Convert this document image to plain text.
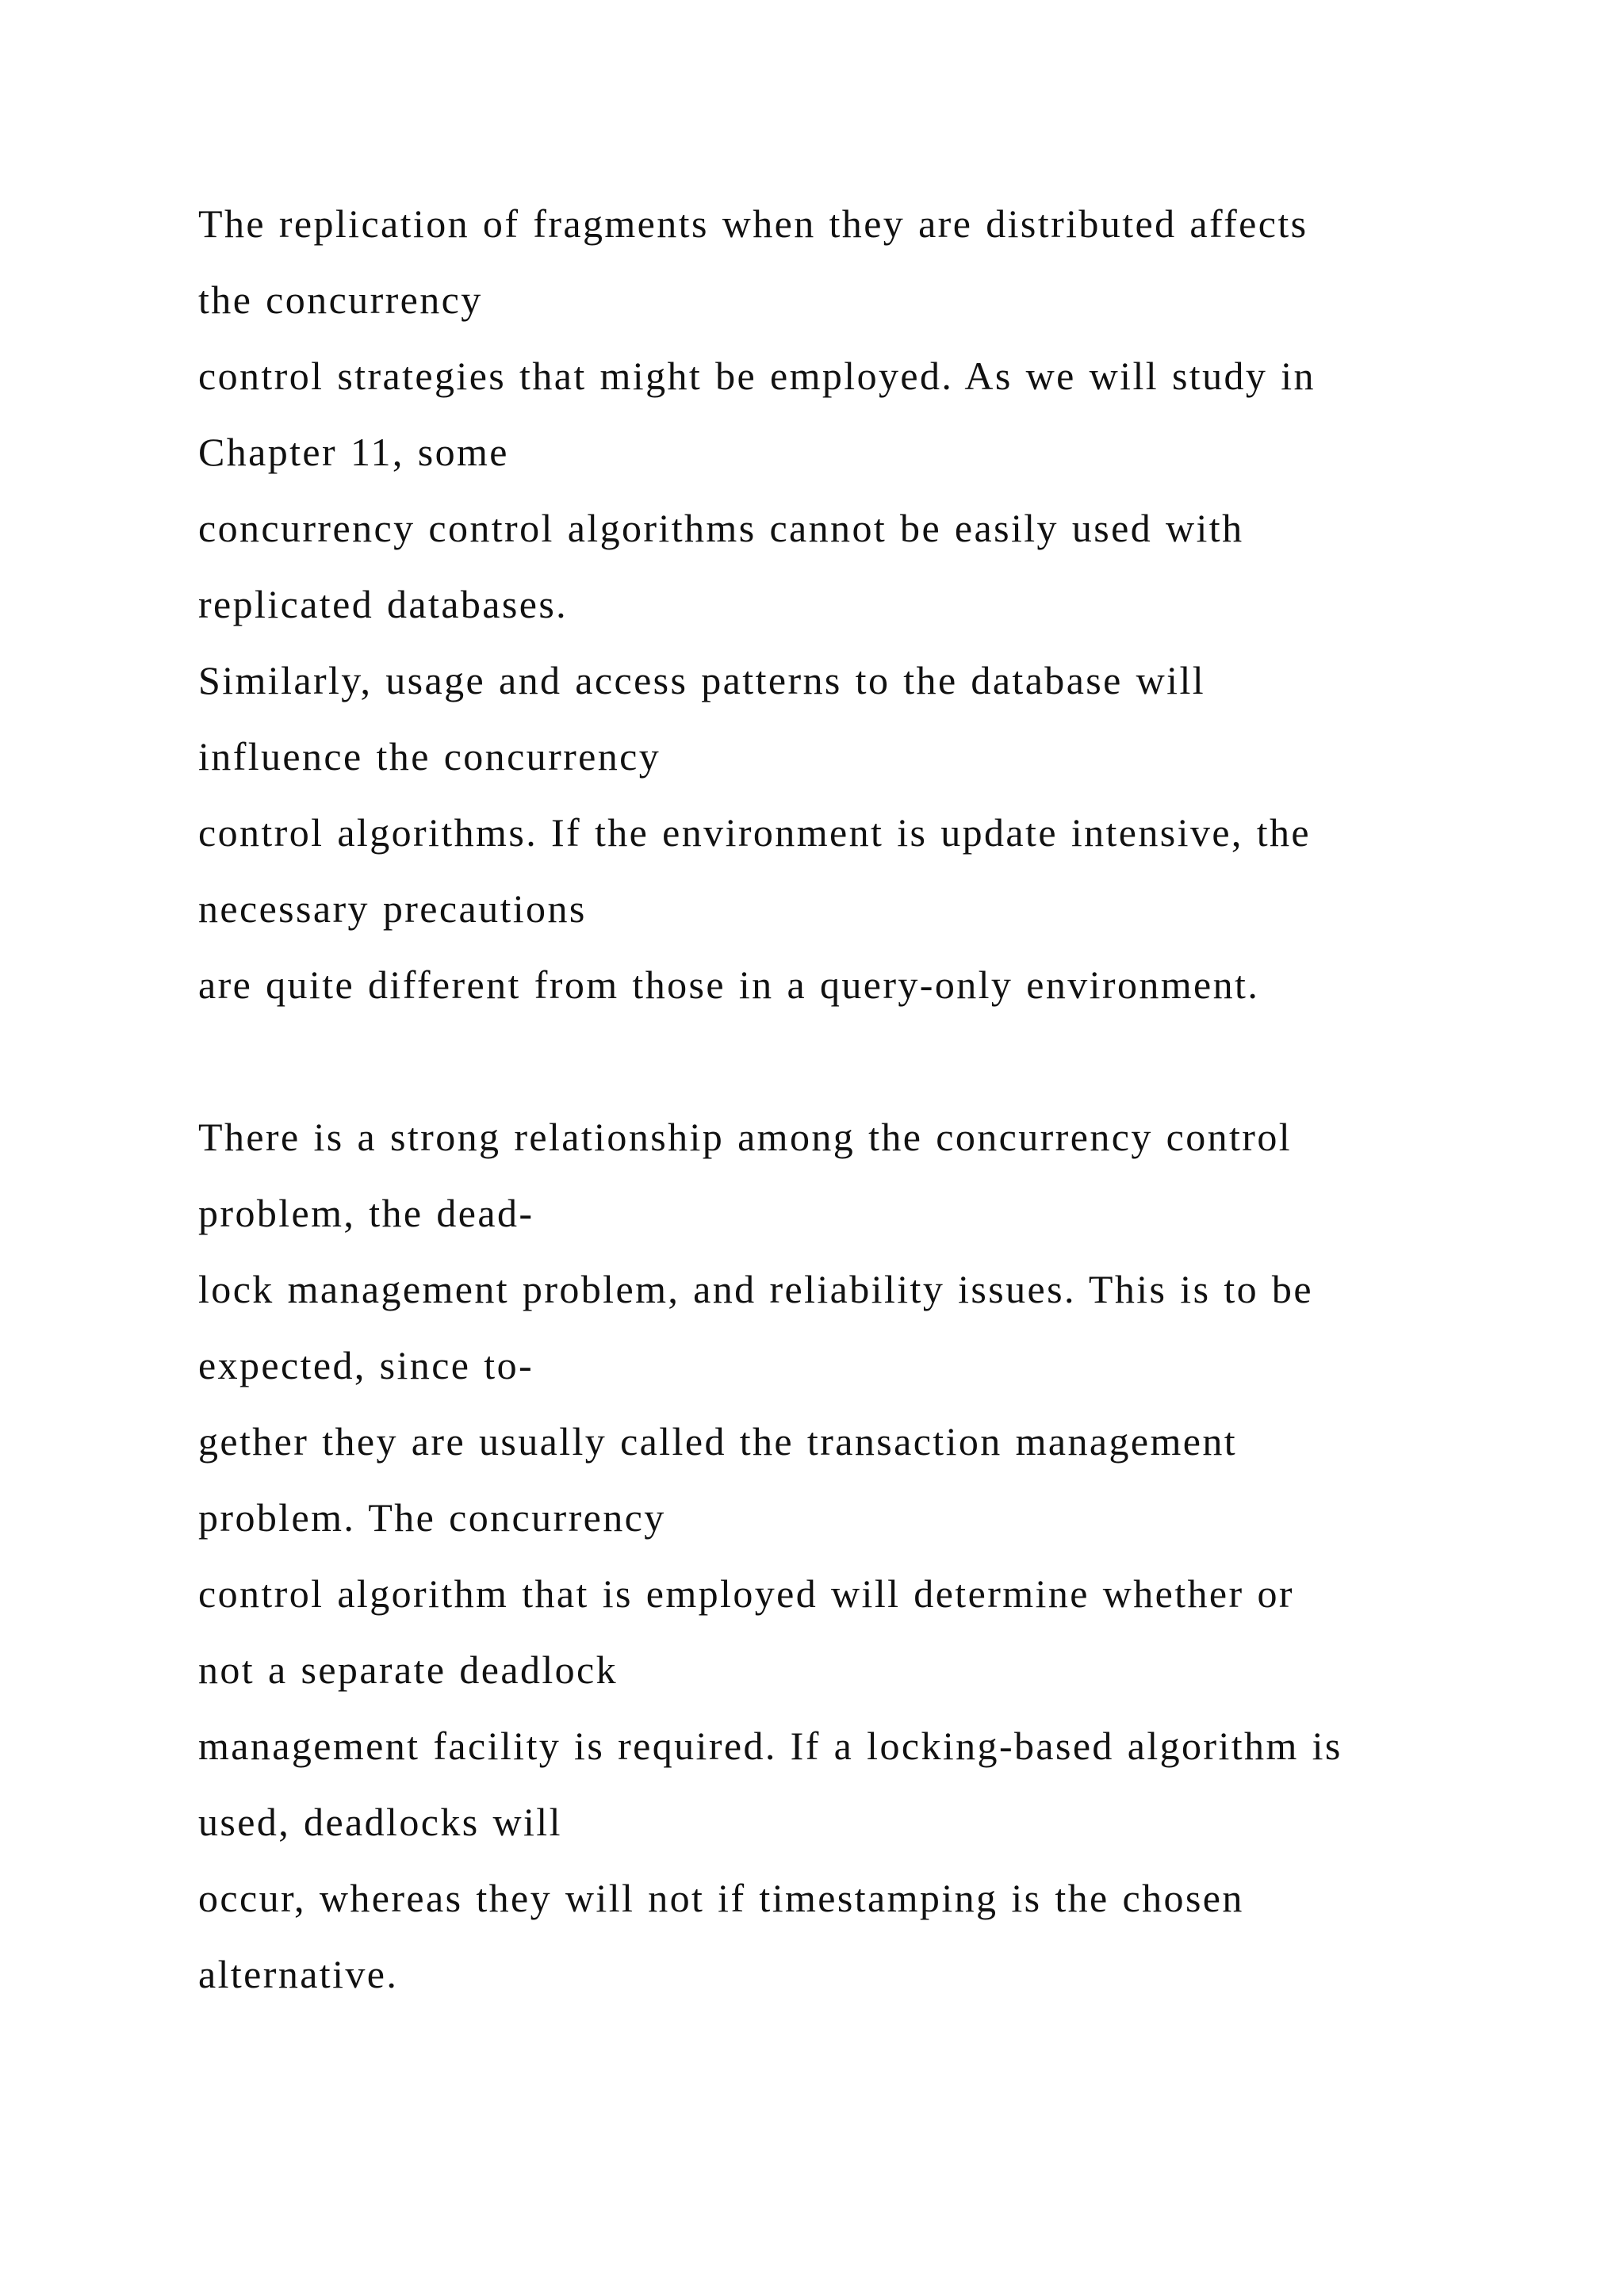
The replication of fragments when they are distributed affects
the concurrency
control strategies that might be employed. As we will study in
Chapter 11, some
concurrency control algorithms cannot be easily used with
replicated databases.
Similarly, usage and access patterns to the database will
influence the concurrency
control algorithms. If the environment is update intensive, the
necessary precautions
are quite different from those in a query-only environment.
There is a strong relationship among the concurrency control
problem, the dead-
lock management problem, and reliability issues. This is to be
expected, since to-
gether they are usually called the transaction management
problem. The concurrency
control algorithm that is employed will determine whether or
not a separate deadlock
management facility is required. If a locking-based algorithm is
used, deadlocks will
occur, whereas they will not if timestamping is the chosen
alternative.
